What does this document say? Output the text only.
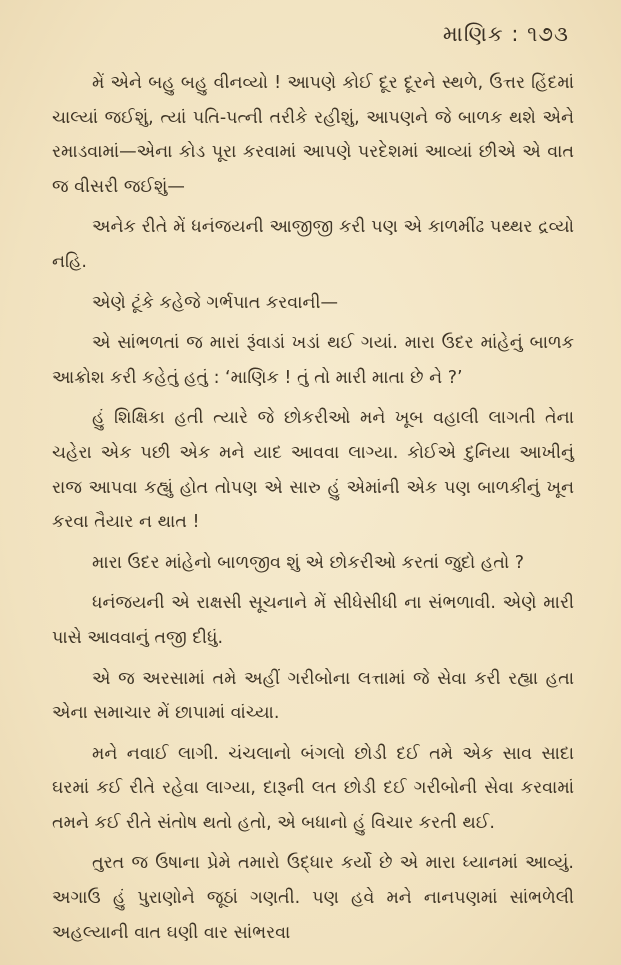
માણિક : ૧૭૩

મેં એને બહુ બહુ વીનવ્યો ! આપણે કોઈ દૂર દૂરને સ્થળે, ઉત્તર હિંદમાં ચાલ્યાં જઈશું, ત્યાં પતિ-પત્ની તરીકે રહીશું, આપણને જે બાળક થશે એને રમાડવામાં—એના કોડ પૂરા કરવામાં આપણે પરદેશમાં આવ્યાં છીએ એ વાત જ વીસરી જઈશું—

અનેક રીતે મેં ધનંજયની આજીજી કરી પણ એ કાળમીંઢ પથ્થર દ્રવ્યો નહિ.

એણે ટૂંકે કહેજે ગર્ભપાત કરવાની—

એ સાંભળતાં જ મારાં રૂંવાડાં ખડાં થઈ ગયાં. મારા ઉદર માંહેનું બાળક આક્રોશ કરી કહેતું હતું : ‘માણિક ! તું તો મારી માતા છે ને ?’

હું શિક્ષિકા હતી ત્યારે જે છોકરીઓ મને ખૂબ વહાલી લાગતી તેના ચહેરા એક પછી એક મને યાદ આવવા લાગ્યા. કોઈએ દુનિયા આખીનું રાજ આપવા કહ્યું હોત તોપણ એ સારુ હું એમાંની એક પણ બાળકીનું ખૂન કરવા તૈયાર ન થાત !

મારા ઉદર માંહેનો બાળજીવ શું એ છોકરીઓ કરતાં જુદો હતો ?

ધનંજયની એ રાક્ષસી સૂચનાને મેં સીધેસીધી ના સંભળાવી. એણે મારી પાસે આવવાનું તજી દીધું.

એ જ અરસામાં તમે અહીં ગરીબોના લત્તામાં જે સેવા કરી રહ્યા હતા એના સમાચાર મેં છાપામાં વાંચ્યા.

મને નવાઈ લાગી. ચંચલાનો બંગલો છોડી દઈ તમે એક સાવ સાદા ઘરમાં કઈ રીતે રહેવા લાગ્યા, દારૂની લત છોડી દઈ ગરીબોની સેવા કરવામાં તમને કઈ રીતે સંતોષ થતો હતો, એ બધાનો હું વિચાર કરતી થઈ.

તુરત જ ઉષાના પ્રેમે તમારો ઉદ્ધાર કર્યો છે એ મારા ધ્યાનમાં આવ્યું. અગાઉ હું પુરાણોને જૂઠાં ગણતી. પણ હવે મને નાનપણમાં સાંભળેલી અહલ્યાની વાત ઘણી વાર સાંભરવા
